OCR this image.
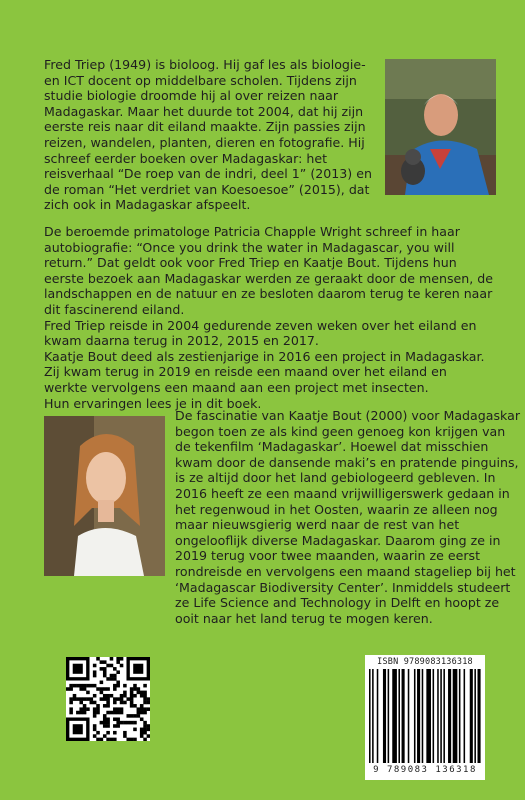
Fred Triep (1949) is bioloog. Hij gaf les als biologie- en ICT docent op middelbare scholen. Tijdens zijn studie biologie droomde hij al over reizen naar Madagaskar. Maar het duurde tot 2004, dat hij zijn eerste reis naar dit eiland maakte. Zijn passies zijn reizen, wandelen, planten, dieren en fotografie. Hij schreef eerder boeken over Madagaskar: het reisverhaal “De roep van de indri, deel 1” (2013) en de roman “Het verdriet van Koesoesoe” (2015), dat zich ook in Madagaskar afspeelt.
De beroemde primatologe Patricia Chapple Wright schreef in haar autobiografie: “Once you drink the water in Madagascar, you will return.” Dat geldt ook voor Fred Triep en Kaatje Bout. Tijdens hun eerste bezoek aan Madagaskar werden ze geraakt door de mensen, de landschappen en de natuur en ze besloten daarom terug te keren naar dit fascinerend eiland.
Fred Triep reisde in 2004 gedurende zeven weken over het eiland en kwam daarna terug in 2012, 2015 en 2017.
Kaatje Bout deed als zestienjarige in 2016 een project in Madagaskar. Zij kwam terug in 2019 en reisde een maand over het eiland en werkte vervolgens een maand aan een project met insecten.
Hun ervaringen lees je in dit boek.
De fascinatie van Kaatje Bout (2000) voor Madagaskar begon toen ze als kind geen genoeg kon krijgen van de tekenfilm ‘Madagaskar’. Hoewel dat misschien kwam door de dansende maki’s en pratende pinguins, is ze altijd door het land gebiologeerd gebleven. In 2016 heeft ze een maand vrijwilligerswerk gedaan in het regenwoud in het Oosten, waarin ze alleen nog maar nieuwsgierig werd naar de rest van het ongelooflijk diverse Madagaskar. Daarom ging ze in 2019 terug voor twee maanden, waarin ze eerst rondreisde en vervolgens een maand stageliep bij het ‘Madagascar Biodiversity Center’. Inmiddels studeert ze Life Science and Technology in Delft en hoopt ze ooit naar het land terug te mogen keren.
ISBN 9789083136318
9 789083 136318
